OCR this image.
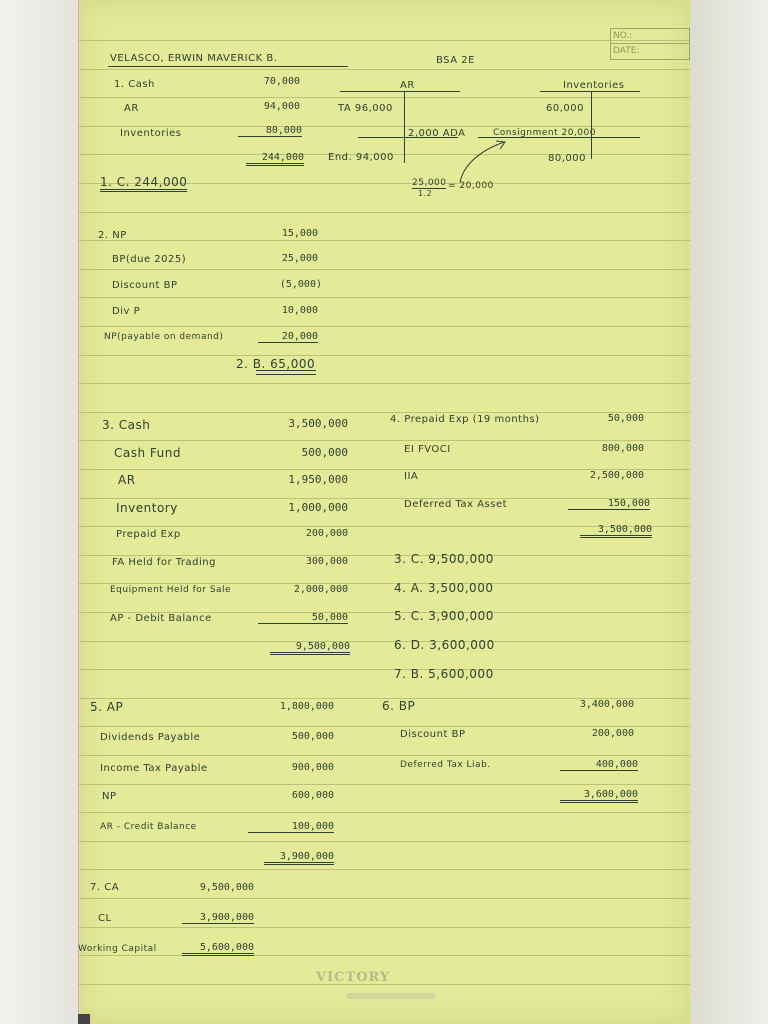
NO.:
DATE:
VELASCO, ERWIN MAVERICK B.	BSA 2E
1. Cash	70,000
AR	94,000
Inventories	80,000
244,000
1. C. 244,000
AR
TA 96,000
2,000 ADA
End. 94,000
Inventories
60,000
Consignment 20,000
80,000
25,000
1.2
= 20,000
2. NP	15,000
BP(due 2025)	25,000
Discount BP	(5,000)
Div P	10,000
NP(payable on demand)	20,000
2. B. 65,000
3. Cash	3,500,000
Cash Fund	500,000
AR	1,950,000
Inventory	1,000,000
Prepaid Exp	200,000
FA Held for Trading	300,000
Equipment Held for Sale	2,000,000
AP - Debit Balance	50,000
9,500,000
4. Prepaid Exp (19 months)	50,000
EI FVOCI	800,000
IIA	2,500,000
Deferred Tax Asset	150,000
3,500,000
3. C. 9,500,000
4. A. 3,500,000
5. C. 3,900,000
6. D. 3,600,000
7. B. 5,600,000
5. AP	1,800,000
Dividends Payable	500,000
Income Tax Payable	900,000
NP	600,000
AR - Credit Balance	100,000
3,900,000
6. BP	3,400,000
Discount BP	200,000
Deferred Tax Liab.	400,000
3,600,000
7. CA	9,500,000
CL	3,900,000
Working Capital	5,600,000
VICTORY
